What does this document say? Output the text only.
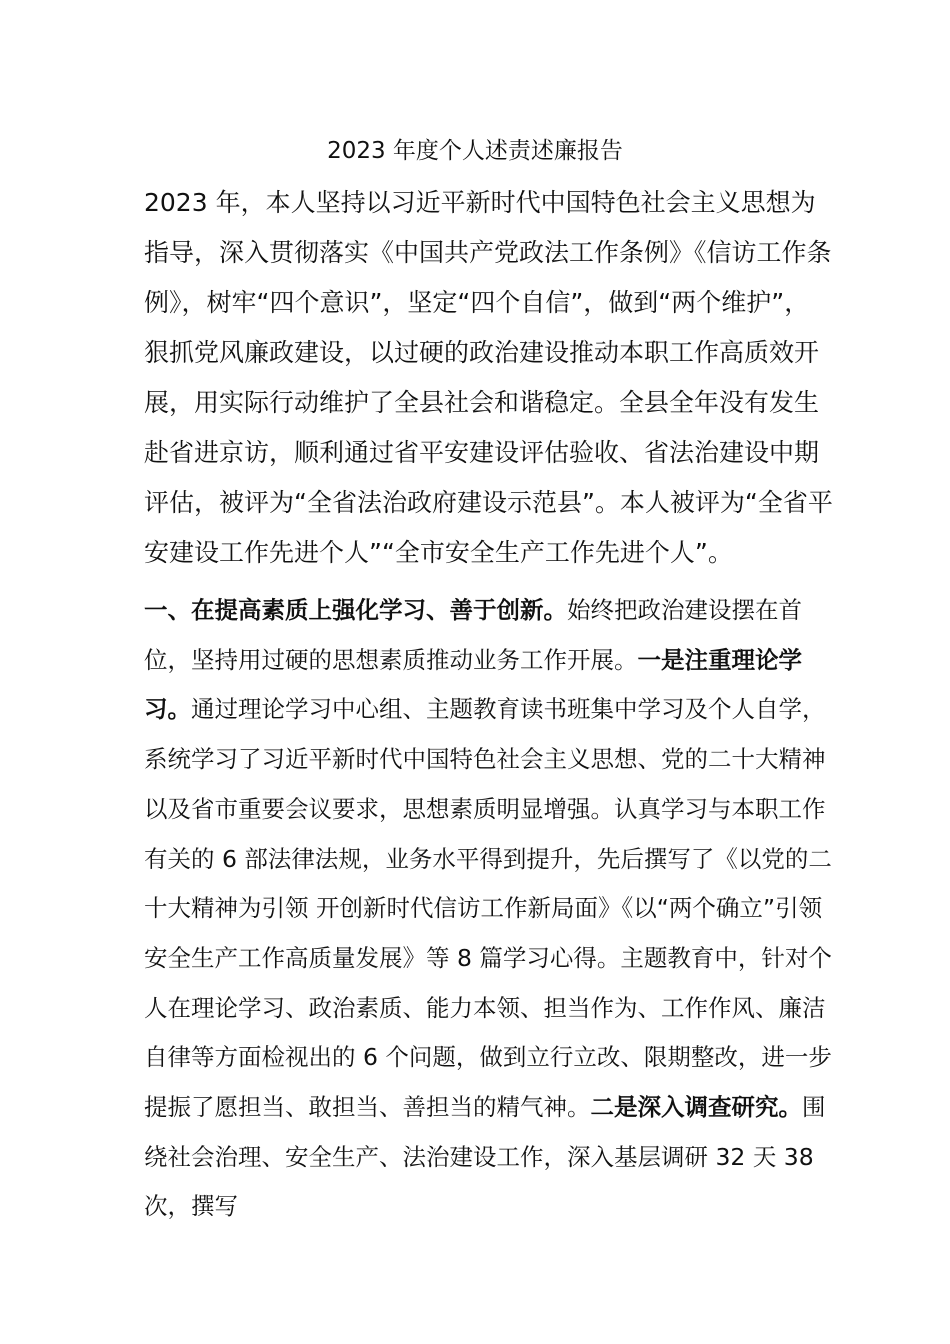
2023 年度个人述责述廉报告

2023 年，本人坚持以习近平新时代中国特色社会主义思想为指导，深入贯彻落实《中国共产党政法工作条例》《信访工作条例》，树牢“四个意识”，坚定“四个自信”，做到“两个维护”，狠抓党风廉政建设，以过硬的政治建设推动本职工作高质效开展，用实际行动维护了全县社会和谐稳定。全县全年没有发生赴省进京访，顺利通过省平安建设评估验收、省法治建设中期评估，被评为“全省法治政府建设示范县”。本人被评为“全省平安建设工作先进个人”“全市安全生产工作先进个人”。

一、在提高素质上强化学习、善于创新。始终把政治建设摆在首位，坚持用过硬的思想素质推动业务工作开展。一是注重理论学习。通过理论学习中心组、主题教育读书班集中学习及个人自学，系统学习了习近平新时代中国特色社会主义思想、党的二十大精神以及省市重要会议要求，思想素质明显增强。认真学习与本职工作有关的 6 部法律法规，业务水平得到提升，先后撰写了《以党的二十大精神为引领 开创新时代信访工作新局面》《以“两个确立”引领安全生产工作高质量发展》等 8 篇学习心得。主题教育中，针对个人在理论学习、政治素质、能力本领、担当作为、工作作风、廉洁自律等方面检视出的 6 个问题，做到立行立改、限期整改，进一步提振了愿担当、敢担当、善担当的精气神。二是深入调查研究。围绕社会治理、安全生产、法治建设工作，深入基层调研 32 天 38 次，撰写
